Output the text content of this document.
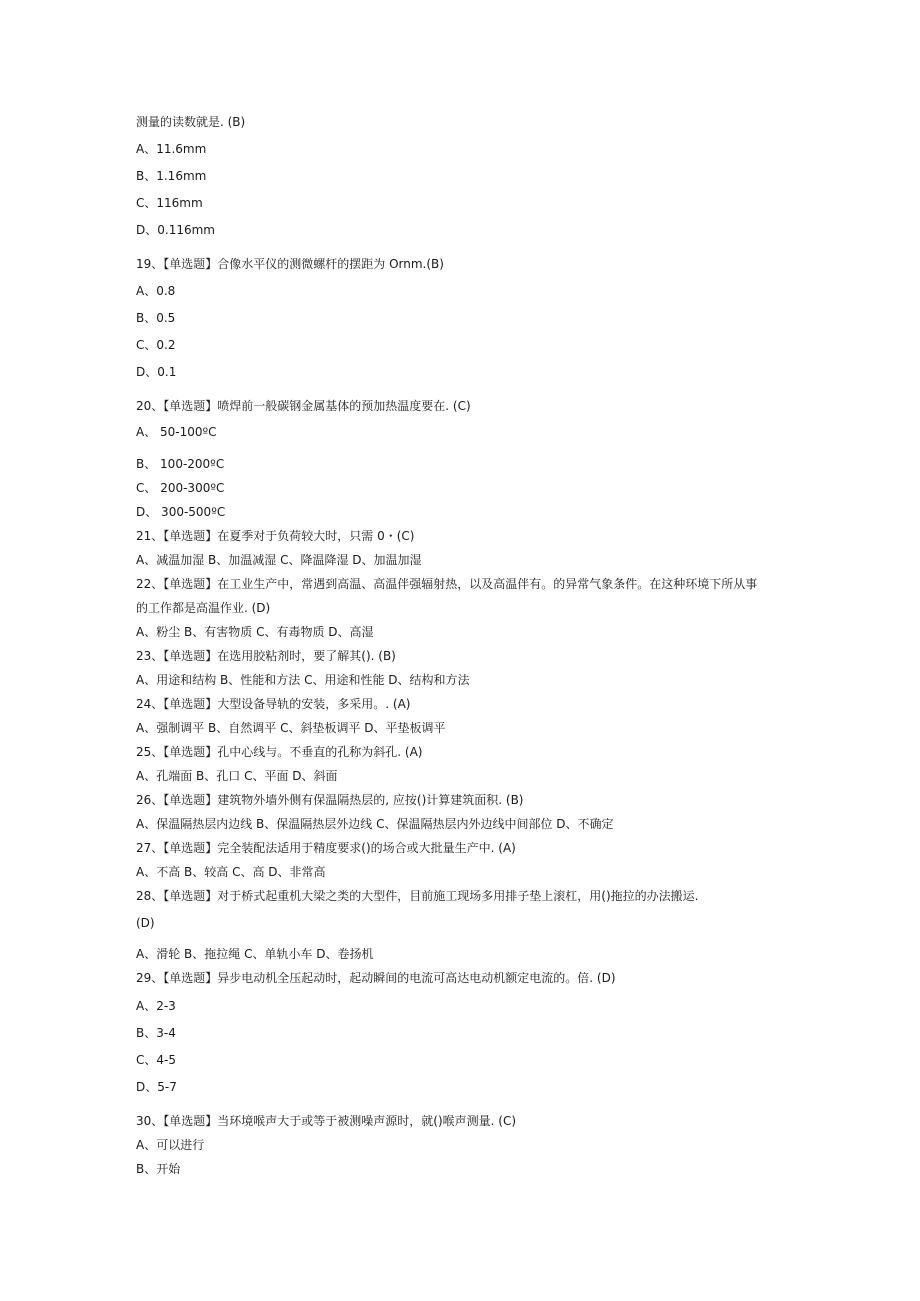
测量的读数就是. (B)
A、11.6mm
B、1.16mm
C、116mm
D、0.116mm
19、【单选题】合像水平仪的测微螺杆的摆距为 Ornm.(B)
A、0.8
B、0.5
C、0.2
D、0.1
20、【单选题】喷焊前一般碳钢金属基体的预加热温度要在. (C)
A、 50-100ºC
B、 100-200ºC
C、 200-300ºC
D、 300-500ºC
21、【单选题】在夏季对于负荷较大时，只需 0・(C)
A、减温加湿 B、加温减湿 C、降温降湿 D、加温加湿
22、【单选题】在工业生产中，常遇到高温、高温伴强辐射热，以及高温伴有。的异常气象条件。在这种环境下所从事
的工作都是高温作业. (D)
A、粉尘 B、有害物质 C、有毒物质 D、高湿
23、【单选题】在选用胶粘剂时，要了解其(). (B)
A、用途和结构 B、性能和方法 C、用途和性能 D、结构和方法
24、【单选题】大型设备导轨的安装，多采用。. (A)
A、强制调平 B、自然调平 C、斜垫板调平 D、平垫板调平
25、【单选题】孔中心线与。不垂直的孔称为斜孔. (A)
A、孔端面 B、孔口 C、平面 D、斜面
26、【单选题】建筑物外墙外侧有保温隔热层的, 应按()计算建筑面积. (B)
A、保温隔热层内边线 B、保温隔热层外边线 C、保温隔热层内外边线中间部位 D、不确定
27、【单选题】完全装配法适用于精度要求()的场合或大批量生产中. (A)
A、不高 B、较高 C、高 D、非常高
28、【单选题】对于桥式起重机大梁之类的大型件，目前施工现场多用排子垫上滚杠，用()拖拉的办法搬运.
(D)
A、滑轮 B、拖拉绳 C、单轨小车 D、卷扬机
29、【单选题】异步电动机全压起动时，起动瞬间的电流可高达电动机额定电流的。倍. (D)
A、2-3
B、3-4
C、4-5
D、5-7
30、【单选题】当环境喉声大于或等于被测噪声源时，就()喉声测量. (C)
A、可以进行
B、开始
